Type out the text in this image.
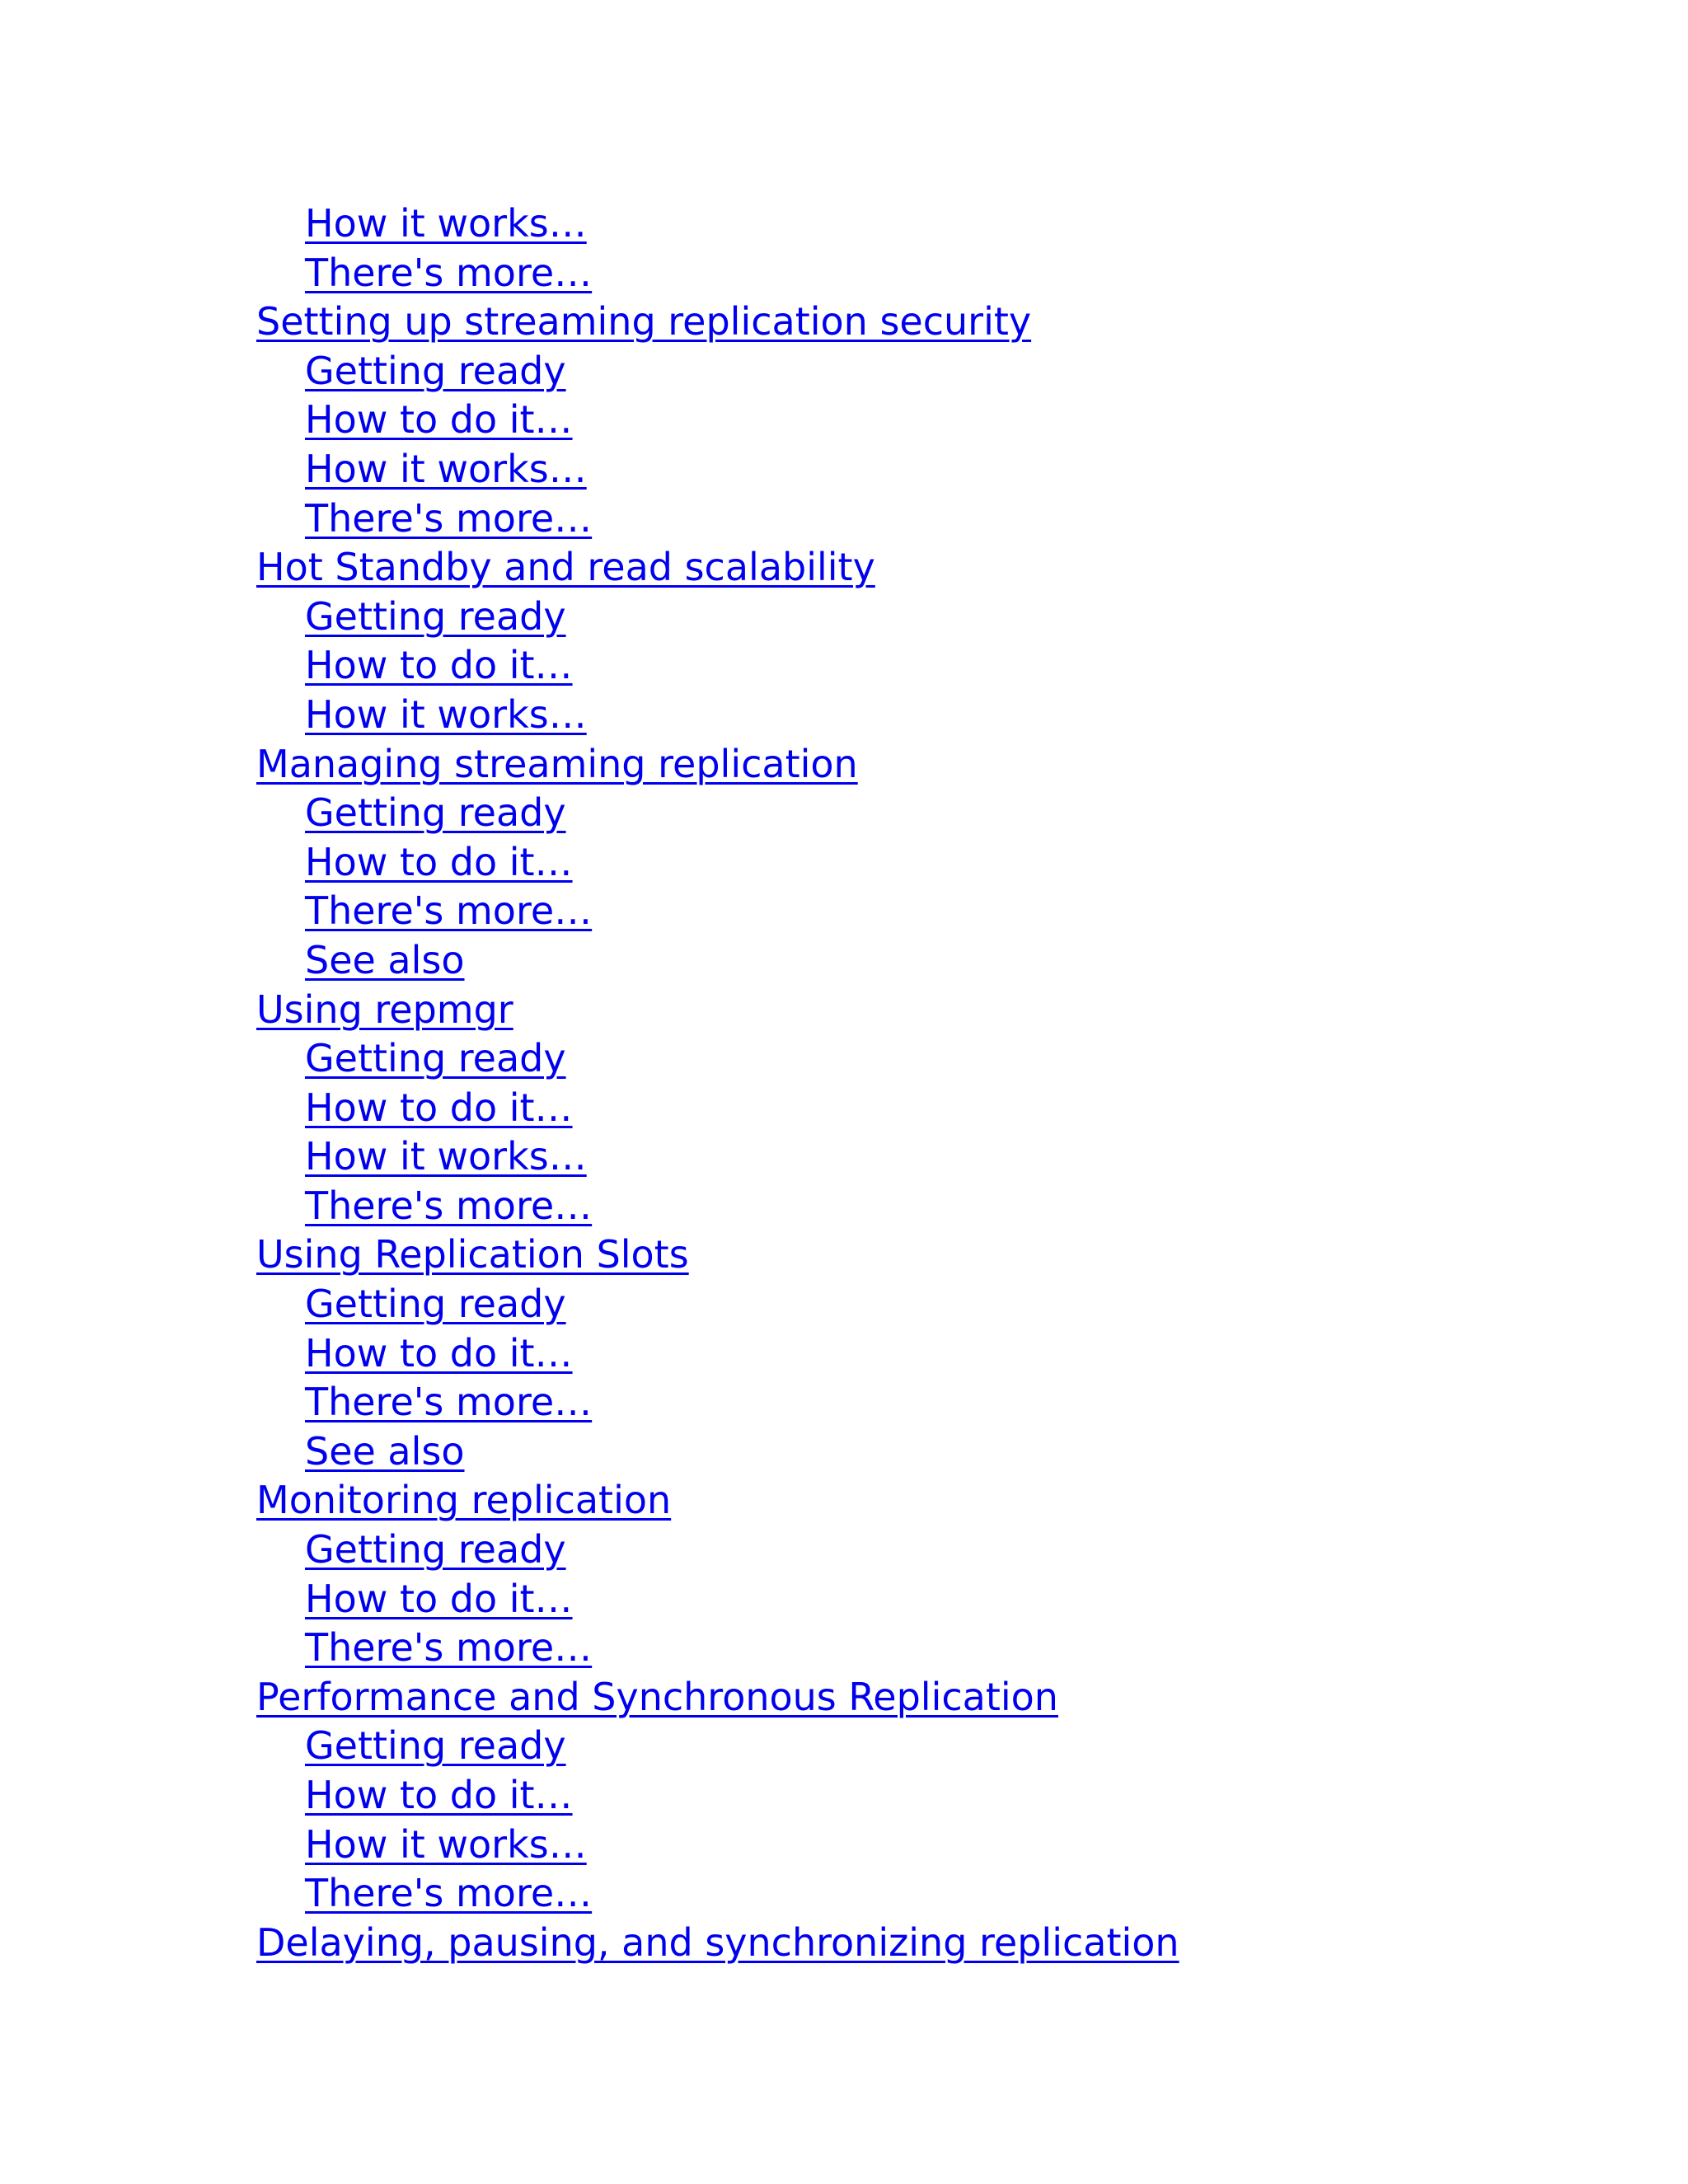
How it works…
There's more…
Setting up streaming replication security
Getting ready
How to do it…
How it works…
There's more…
Hot Standby and read scalability
Getting ready
How to do it…
How it works…
Managing streaming replication
Getting ready
How to do it…
There's more…
See also
Using repmgr
Getting ready
How to do it…
How it works…
There's more…
Using Replication Slots
Getting ready
How to do it…
There's more…
See also
Monitoring replication
Getting ready
How to do it…
There's more…
Performance and Synchronous Replication
Getting ready
How to do it…
How it works…
There's more…
Delaying, pausing, and synchronizing replication
